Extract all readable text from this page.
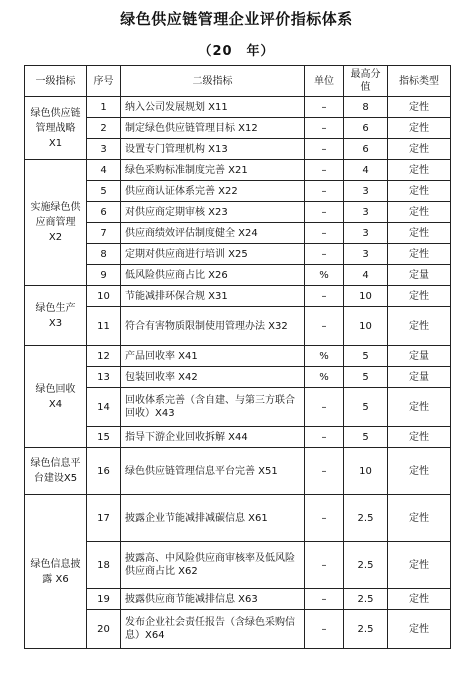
绿色供应链管理企业评价指标体系
（20　年）
一级指标	序号	二级指标	单位	最高分值	指标类型
绿色供应链管理战略X1	1	纳入公司发展规划 X11	–	8	定性
	2	制定绿色供应链管理目标 X12	–	6	定性
	3	设置专门管理机构 X13	–	6	定性
实施绿色供应商管理 X2	4	绿色采购标准制度完善 X21	–	4	定性
	5	供应商认证体系完善 X22	–	3	定性
	6	对供应商定期审核 X23	–	3	定性
	7	供应商绩效评估制度健全 X24	–	3	定性
	8	定期对供应商进行培训 X25	–	3	定性
	9	低风险供应商占比 X26	%	4	定量
绿色生产X3	10	节能减排环保合规 X31	–	10	定性
	11	符合有害物质限制使用管理办法 X32	–	10	定性
绿色回收X4	12	产品回收率 X41	%	5	定量
	13	包装回收率 X42	%	5	定量
	14	回收体系完善（含自建、与第三方联合回收）X43	–	5	定性
	15	指导下游企业回收拆解 X44	–	5	定性
绿色信息平台建设X5	16	绿色供应链管理信息平台完善 X51	–	10	定性
绿色信息披露 X6	17	披露企业节能减排减碳信息 X61	–	2.5	定性
	18	披露高、中风险供应商审核率及低风险供应商占比 X62	–	2.5	定性
	19	披露供应商节能减排信息 X63	–	2.5	定性
	20	发布企业社会责任报告（含绿色采购信息）X64	–	2.5	定性
